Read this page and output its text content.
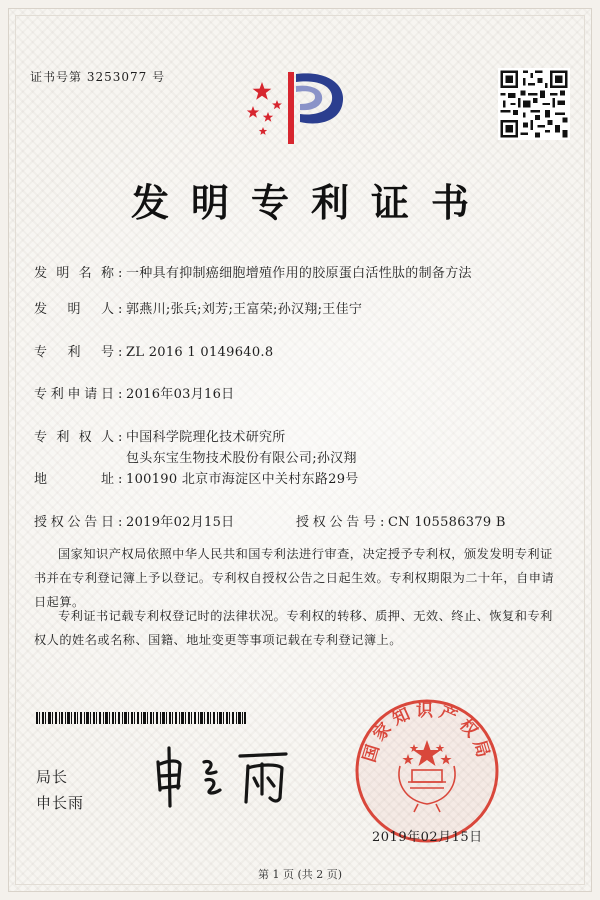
证书号第 3253077 号
发明专利证书
发明名称 : 一种具有抑制癌细胞增殖作用的胶原蛋白活性肽的制备方法
发明人 : 郭燕川;张兵;刘芳;王富荣;孙汉翔;王佳宁
专利号 : ZL 2016 1 0149640.8
专利申请日 : 2016年03月16日
专利权人 : 中国科学院理化技术研究所
包头东宝生物技术股份有限公司;孙汉翔
地址 : 100190 北京市海淀区中关村东路29号
授权公告日 : 2019年02月15日	授权公告号 : CN 105586379 B
国家知识产权局依照中华人民共和国专利法进行审查，决定授予专利权，颁发发明专利证书并在专利登记簿上予以登记。专利权自授权公告之日起生效。专利权期限为二十年，自申请日起算。
专利证书记载专利权登记时的法律状况。专利权的转移、质押、无效、终止、恢复和专利权人的姓名或名称、国籍、地址变更等事项记载在专利登记簿上。
局长
申长雨
国家知识产权局
2019年02月15日
第 1 页 (共 2 页)
